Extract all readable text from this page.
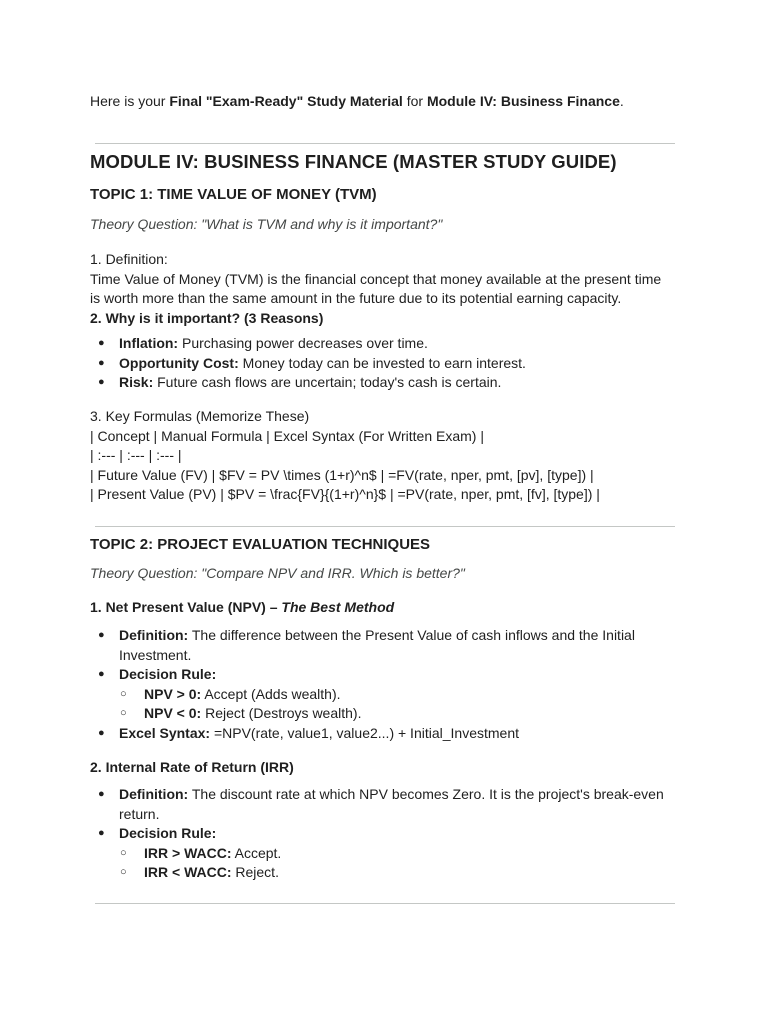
Here is your Final "Exam-Ready" Study Material for Module IV: Business Finance.
MODULE IV: BUSINESS FINANCE (MASTER STUDY GUIDE)
TOPIC 1: TIME VALUE OF MONEY (TVM)
Theory Question: "What is TVM and why is it important?"
1. Definition:
Time Value of Money (TVM) is the financial concept that money available at the present time
is worth more than the same amount in the future due to its potential earning capacity.
2. Why is it important? (3 Reasons)
● Inflation: Purchasing power decreases over time.
● Opportunity Cost: Money today can be invested to earn interest.
● Risk: Future cash flows are uncertain; today's cash is certain.
3. Key Formulas (Memorize These)
| Concept | Manual Formula | Excel Syntax (For Written Exam) |
| :--- | :--- | :--- |
| Future Value (FV) | $FV = PV \times (1+r)^n$ | =FV(rate, nper, pmt, [pv], [type]) |
| Present Value (PV) | $PV = \frac{FV}{(1+r)^n}$ | =PV(rate, nper, pmt, [fv], [type]) |
TOPIC 2: PROJECT EVALUATION TECHNIQUES
Theory Question: "Compare NPV and IRR. Which is better?"
1. Net Present Value (NPV) – The Best Method
● Definition: The difference between the Present Value of cash inflows and the Initial Investment.
● Decision Rule:
○ NPV > 0: Accept (Adds wealth).
○ NPV < 0: Reject (Destroys wealth).
● Excel Syntax: =NPV(rate, value1, value2...) + Initial_Investment
2. Internal Rate of Return (IRR)
● Definition: The discount rate at which NPV becomes Zero. It is the project's break-even return.
● Decision Rule:
○ IRR > WACC: Accept.
○ IRR < WACC: Reject.
